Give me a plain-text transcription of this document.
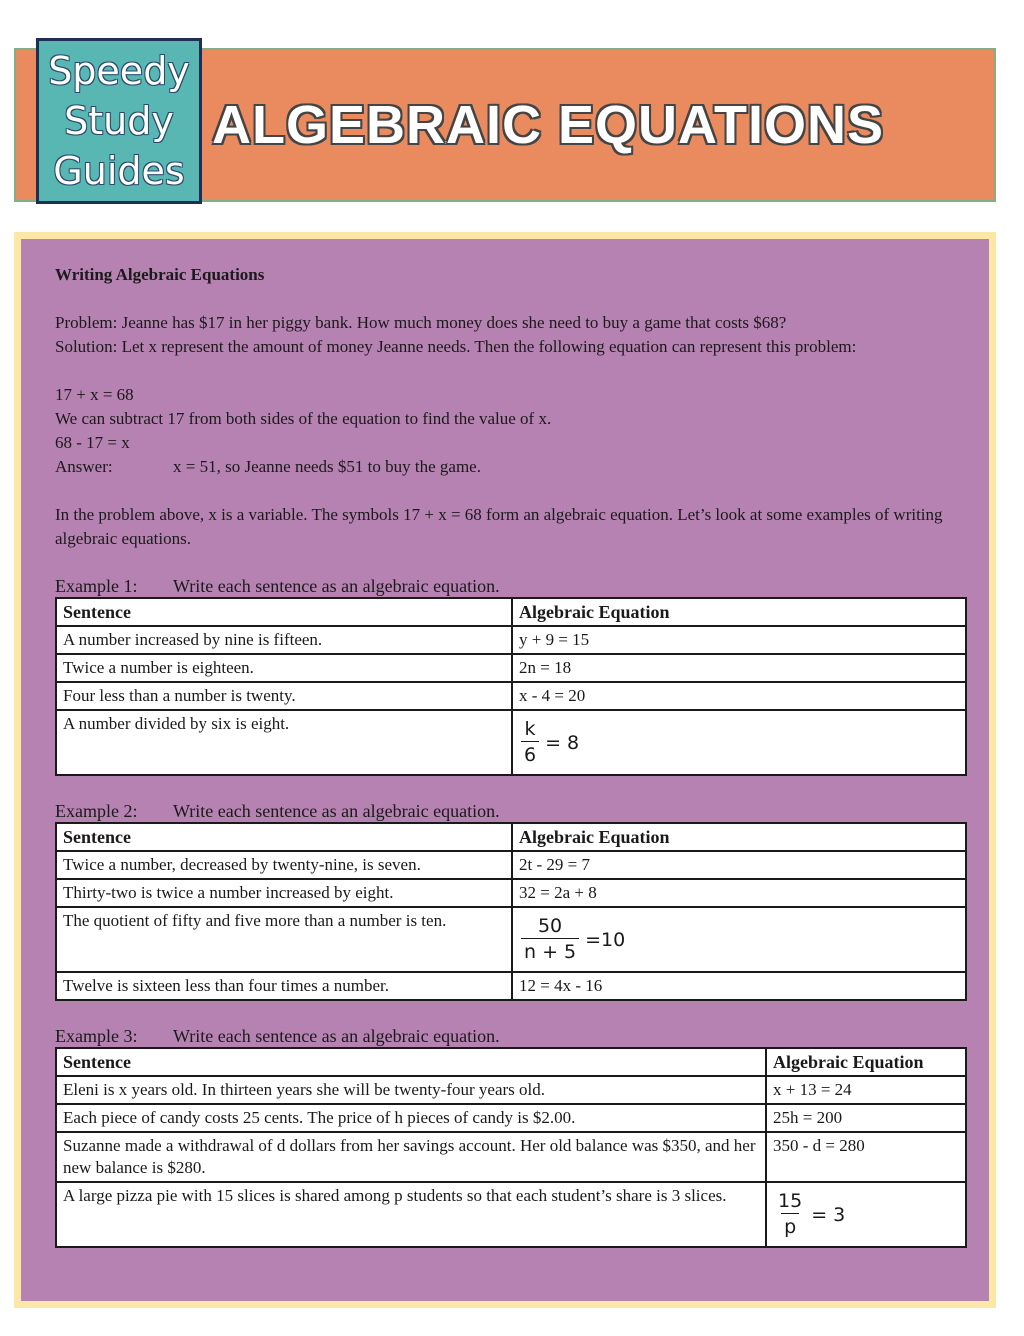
Speedy
Study
Guides
ALGEBRAIC EQUATIONS

Writing Algebraic Equations

Problem: Jeanne has $17 in her piggy bank. How much money does she need to buy a game that costs $68?

Solution: Let x represent the amount of money Jeanne needs. Then the following equation can represent this problem:

17 + x = 68

We can subtract 17 from both sides of the equation to find the value of x.

68 - 17 = x

Answer:	x = 51, so Jeanne needs $51 to buy the game.

In the problem above, x is a variable. The symbols 17 + x = 68 form an algebraic equation. Let’s look at some examples of writing algebraic equations.

Example 1:	Write each sentence as an algebraic equation.
Sentence	Algebraic Equation
A number increased by nine is fifteen.	y + 9 = 15
Twice a number is eighteen.	2n = 18
Four less than a number is twenty.	x - 4 = 20
A number divided by six is eight.	$\frac{k}{6} = 8$
Example 2:	Write each sentence as an algebraic equation.
Sentence	Algebraic Equation
Twice a number, decreased by twenty-nine, is seven.	2t - 29 = 7
Thirty-two is twice a number increased by eight.	32 = 2a + 8
The quotient of fifty and five more than a number is ten.	$\frac{50}{n + 5} =10$

Twelve is sixteen less than four times a number.	12 = 4x - 16
Example 3:	Write each sentence as an algebraic equation.
Sentence	Algebraic Equation
Eleni is x years old. In thirteen years she will be twenty-four years old.	x + 13 = 24
Each piece of candy costs 25 cents. The price of h pieces of candy is $2.00.	25h = 200
Suzanne made a withdrawal of d dollars from her savings account. Her old balance was $350, and her new balance is $280.	350 - d = 280
A large pizza pie with 15 slices is shared among p students so that each student’s share is 3 slices.	$\frac{15}{p} = 3$
